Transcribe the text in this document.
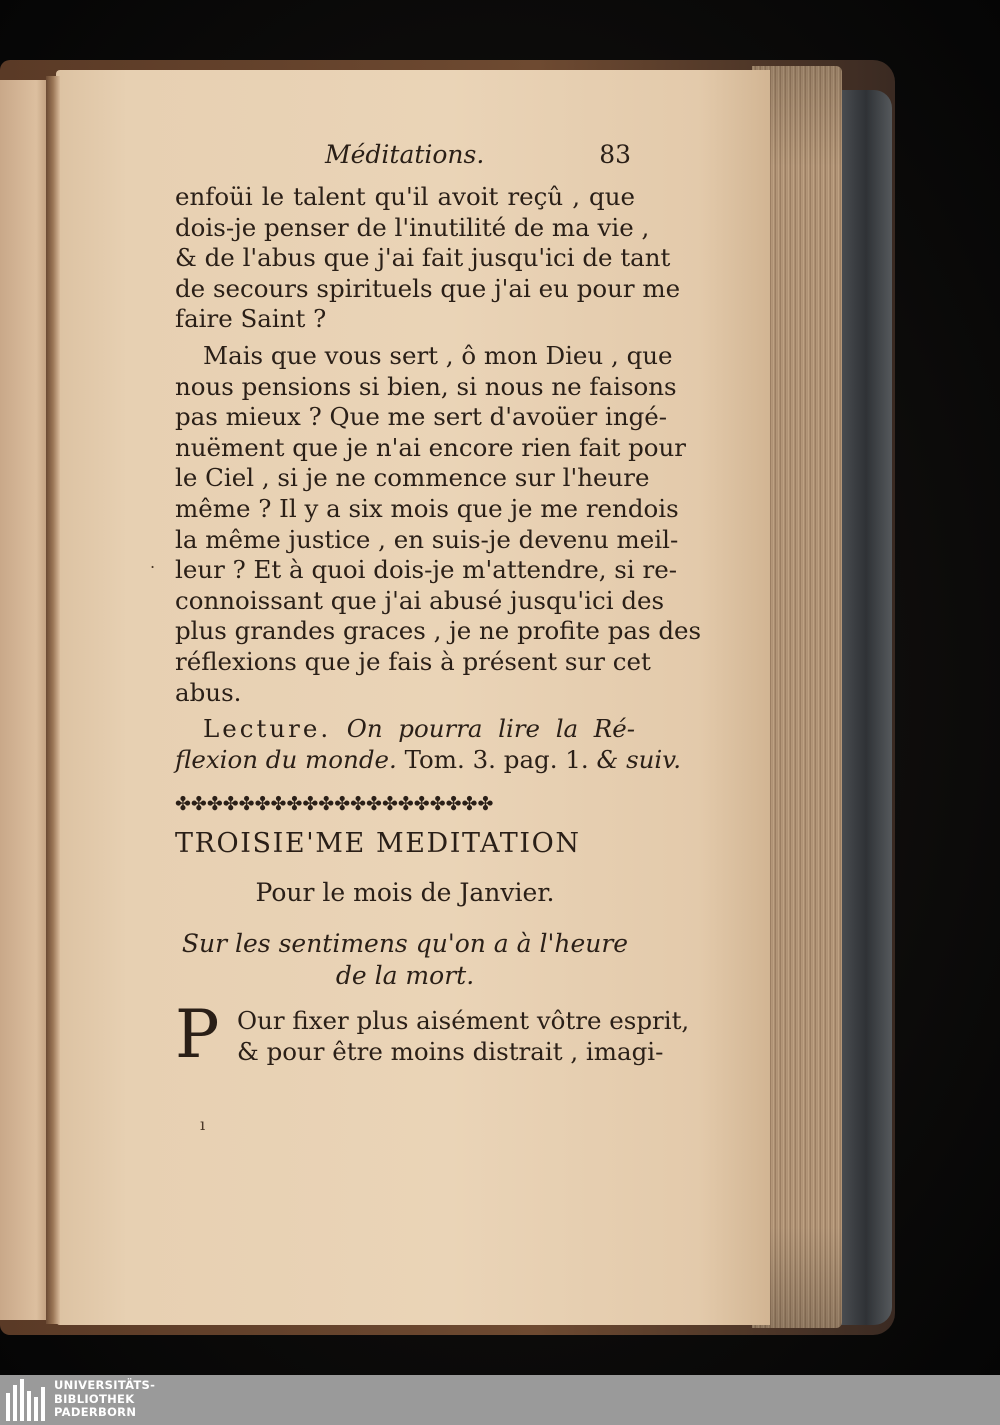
Méditations.	83
enfoüi le talent qu'il avoit reçû , que
dois-je penser de l'inutilité de ma vie ,
& de l'abus que j'ai fait jusqu'ici de tant
de secours spirituels que j'ai eu pour me
faire Saint ?
Mais que vous sert , ô mon Dieu , que
nous pensions si bien, si nous ne faisons
pas mieux ? Que me sert d'avoüer ingé-
nuëment que je n'ai encore rien fait pour
le Ciel , si je ne commence sur l'heure
même ? Il y a six mois que je me rendois
la même justice , en suis-je devenu meil-
leur ? Et à quoi dois-je m'attendre, si re-
connoissant que j'ai abusé jusqu'ici des
plus grandes graces , je ne profite pas des
réflexions que je fais à présent sur cet
abus.
Lecture. On pourra lire la Ré-
flexion du monde. Tom. 3. pag. 1. & suiv.
✤✤✤✤✤✤✤✤✤✤✤✤✤✤✤✤✤✤✤✤
TROISIE'ME MEDITATION
Pour le mois de Janvier.
Sur les sentimens qu'on a à l'heure de la mort.
P Our fixer plus aisément vôtre esprit,
& pour être moins distrait , imagi-
.
ı
UNIVERSITÄTS-
BIBLIOTHEK
PADERBORN
